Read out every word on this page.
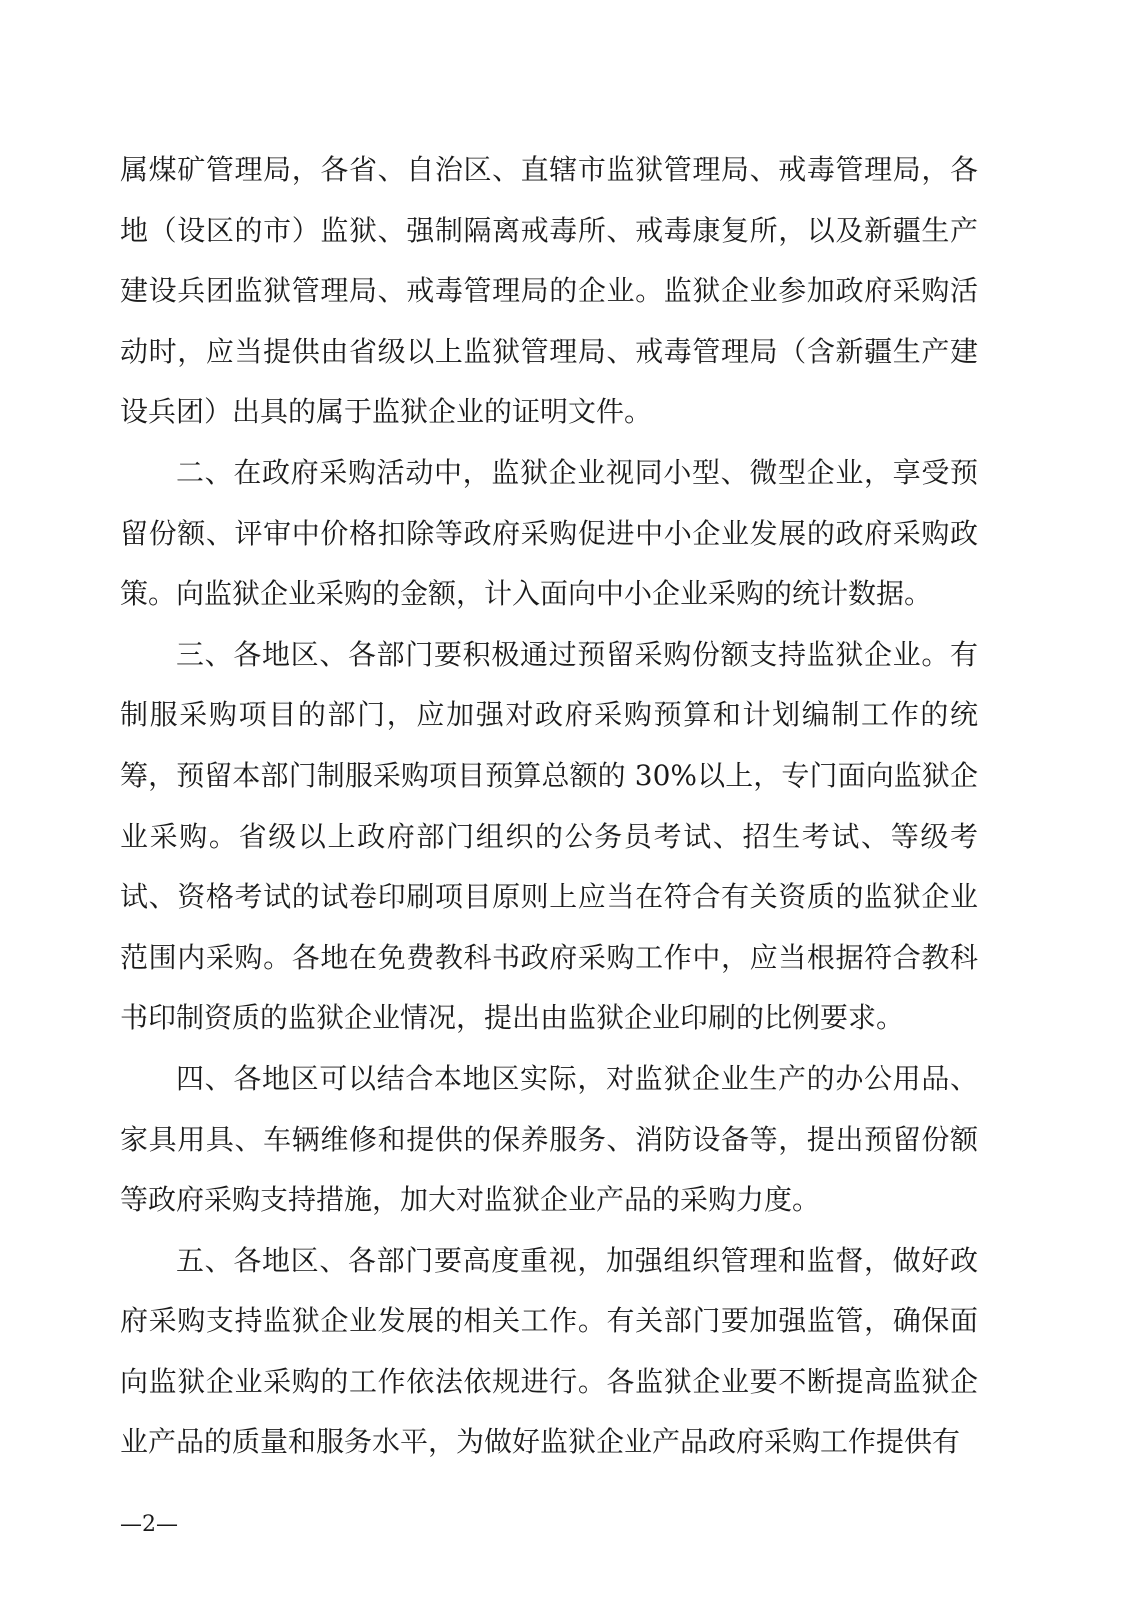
属煤矿管理局，各省、自治区、直辖市监狱管理局、戒毒管理局，各地（设区的市）监狱、强制隔离戒毒所、戒毒康复所，以及新疆生产建设兵团监狱管理局、戒毒管理局的企业。监狱企业参加政府采购活动时，应当提供由省级以上监狱管理局、戒毒管理局（含新疆生产建设兵团）出具的属于监狱企业的证明文件。

二、在政府采购活动中，监狱企业视同小型、微型企业，享受预留份额、评审中价格扣除等政府采购促进中小企业发展的政府采购政策。向监狱企业采购的金额，计入面向中小企业采购的统计数据。

三、各地区、各部门要积极通过预留采购份额支持监狱企业。有制服采购项目的部门，应加强对政府采购预算和计划编制工作的统筹，预留本部门制服采购项目预算总额的 30%以上，专门面向监狱企业采购。省级以上政府部门组织的公务员考试、招生考试、等级考试、资格考试的试卷印刷项目原则上应当在符合有关资质的监狱企业范围内采购。各地在免费教科书政府采购工作中，应当根据符合教科书印制资质的监狱企业情况，提出由监狱企业印刷的比例要求。

四、各地区可以结合本地区实际，对监狱企业生产的办公用品、家具用具、车辆维修和提供的保养服务、消防设备等，提出预留份额等政府采购支持措施，加大对监狱企业产品的采购力度。

五、各地区、各部门要高度重视，加强组织管理和监督，做好政府采购支持监狱企业发展的相关工作。有关部门要加强监管，确保面向监狱企业采购的工作依法依规进行。各监狱企业要不断提高监狱企业产品的质量和服务水平，为做好监狱企业产品政府采购工作提供有

—2—
